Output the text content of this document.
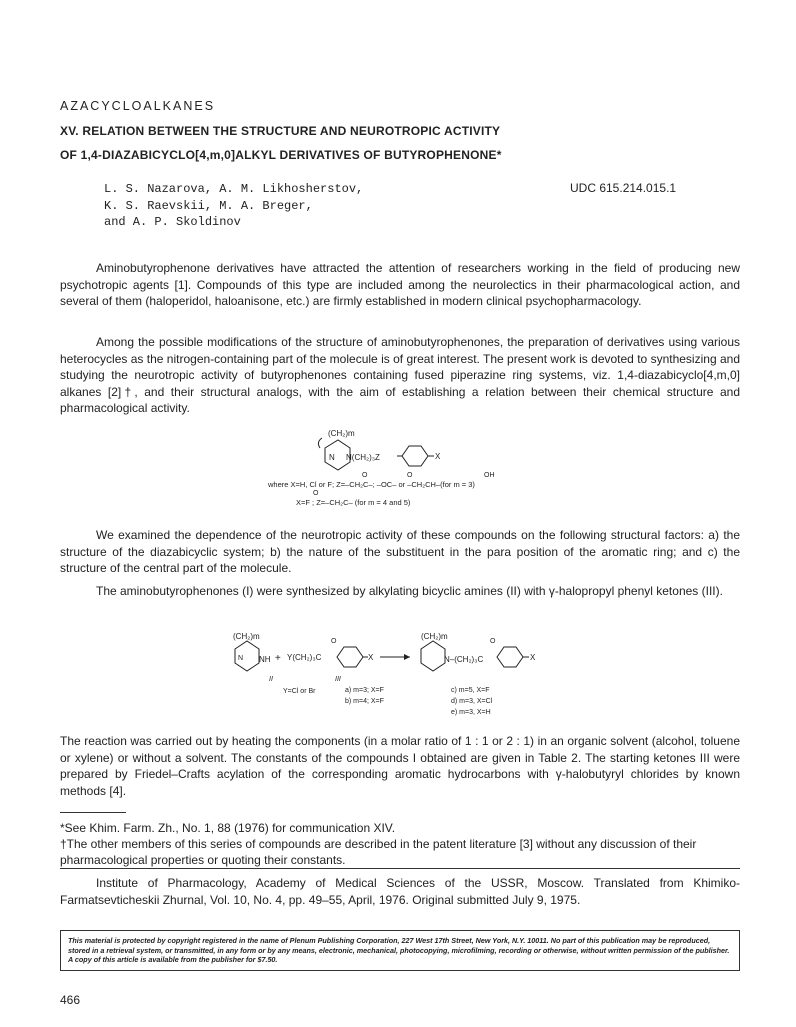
AZACYCLOALKANES
XV. RELATION BETWEEN THE STRUCTURE AND NEUROTROPIC ACTIVITY
OF 1,4-DIAZABICYCLO[4,m,0]ALKYL DERIVATIVES OF BUTYROPHENONE*
L. S. Nazarova, A. M. Likhosherstov,
K. S. Raevskii, M. A. Breger,
and A. P. Skoldinov
UDC 615.214.015.1

Aminobutyrophenone derivatives have attracted the attention of researchers working in the field of producing new psychotropic agents [1]. Compounds of this type are included among the neurolectics in their pharmacological action, and several of them (haloperidol, haloanisone, etc.) are firmly established in modern clinical psychopharmacology.

Among the possible modifications of the structure of aminobutyrophenones, the preparation of derivatives using various heterocycles as the nitrogen-containing part of the molecule is of great interest. The present work is devoted to synthesizing and studying the neurotropic activity of butyrophenones containing fused piperazine ring systems, viz. 1,4-diazabicyclo[4,m,0] alkanes [2]†, and their structural analogs, with the aim of establishing a relation between their chemical structure and pharmacological activity.

(CH₂)m
N N(CH₂)₃Z	X
O	O	OH
where X=H, Cl or F; Z=–CH₂C–; –OC– or –CH₂CH–(for m = 3)
O
X=F ; Z=–CH₂C– (for m = 4 and 5)

We examined the dependence of the neurotropic activity of these compounds on the following structural factors: a) the structure of the diazabicyclic system; b) the nature of the substituent in the para position of the aromatic ring; and c) the structure of the central part of the molecule.

The aminobutyrophenones (I) were synthesized by alkylating bicyclic amines (II) with γ-halopropyl phenyl ketones (III).

(CH₂)m
NH
N	+
O
Y(CH₂)₃C	X
(CH₂)m
N–(CH₂)₃C
O
X
II	III
Y=Cl or Br	a) m=3; X=F
b) m=4; X=F
c) m=5, X=F
d) m=3, X=Cl
e) m=3, X=H

The reaction was carried out by heating the components (in a molar ratio of 1 : 1 or 2 : 1) in an organic solvent (alcohol, toluene or xylene) or without a solvent. The constants of the compounds I obtained are given in Table 2. The starting ketones III were prepared by Friedel–Crafts acylation of the corresponding aromatic hydrocarbons with γ-halobutyryl chlorides by known methods [4].

*See Khim. Farm. Zh., No. 1, 88 (1976) for communication XIV.
†The other members of this series of compounds are described in the patent literature [3] without any discussion of their pharmacological properties or quoting their constants.
Institute of Pharmacology, Academy of Medical Sciences of the USSR, Moscow. Translated from Khimiko-Farmatsevticheskii Zhurnal, Vol. 10, No. 4, pp. 49–55, April, 1976. Original submitted July 9, 1975.
This material is protected by copyright registered in the name of Plenum Publishing Corporation, 227 West 17th Street, New York, N.Y. 10011. No part of this publication may be reproduced, stored in a retrieval system, or transmitted, in any form or by any means, electronic, mechanical, photocopying, microfilming, recording or otherwise, without written permission of the publisher. A copy of this article is available from the publisher for $7.50.
466
